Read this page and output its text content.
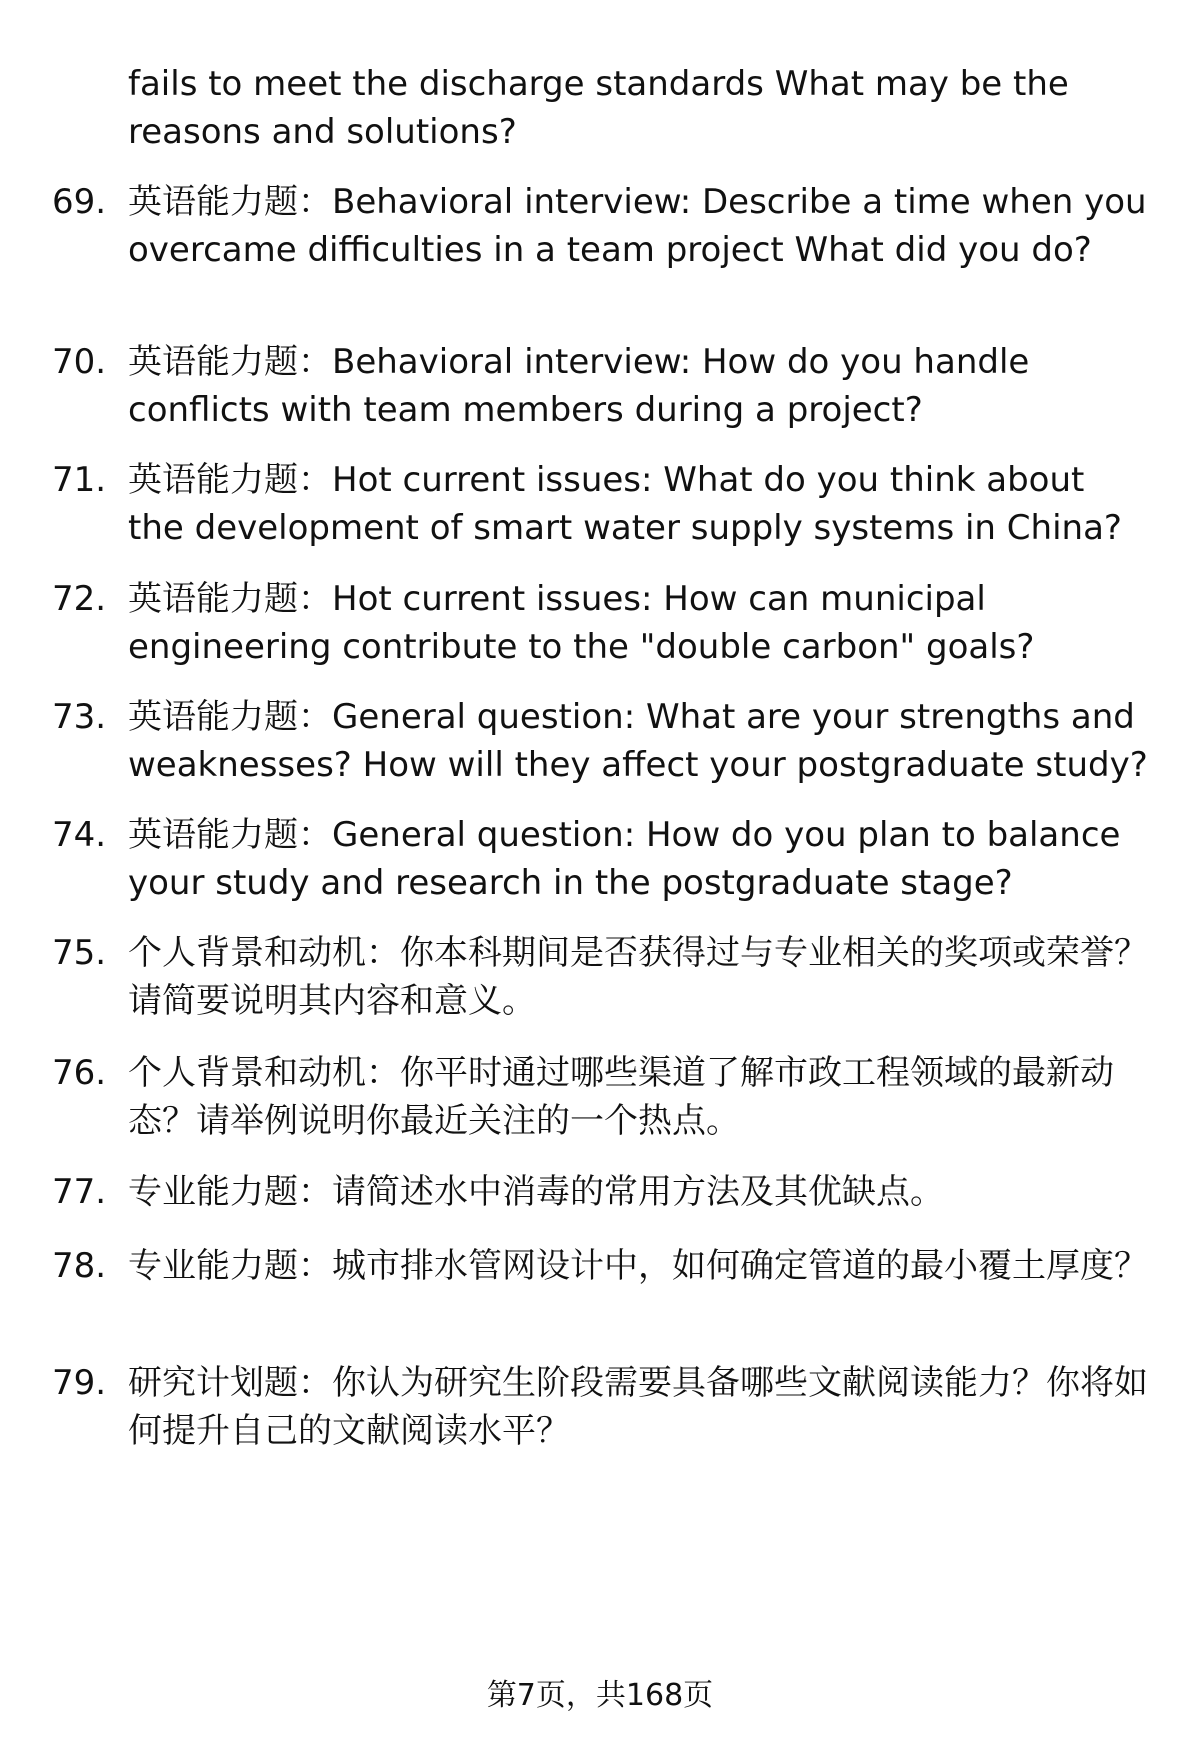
fails to meet the discharge standards What may be the reasons and solutions?
69. 英语能力题：Behavioral interview: Describe a time when you overcame difficulties in a team project What did you do?
70. 英语能力题：Behavioral interview: How do you handle conflicts with team members during a project?
71. 英语能力题：Hot current issues: What do you think about the development of smart water supply systems in China?
72. 英语能力题：Hot current issues: How can municipal engineering contribute to the "double carbon" goals?
73. 英语能力题：General question: What are your strengths and weaknesses? How will they affect your postgraduate study?
74. 英语能力题：General question: How do you plan to balance your study and research in the postgraduate stage?
75. 个人背景和动机：你本科期间是否获得过与专业相关的奖项或荣誉？请简要说明其内容和意义。
76. 个人背景和动机：你平时通过哪些渠道了解市政工程领域的最新动态？请举例说明你最近关注的一个热点。
77. 专业能力题：请简述水中消毒的常用方法及其优缺点。
78. 专业能力题：城市排水管网设计中，如何确定管道的最小覆土厚度？
79. 研究计划题：你认为研究生阶段需要具备哪些文献阅读能力？你将如何提升自己的文献阅读水平？
第7页，共168页
